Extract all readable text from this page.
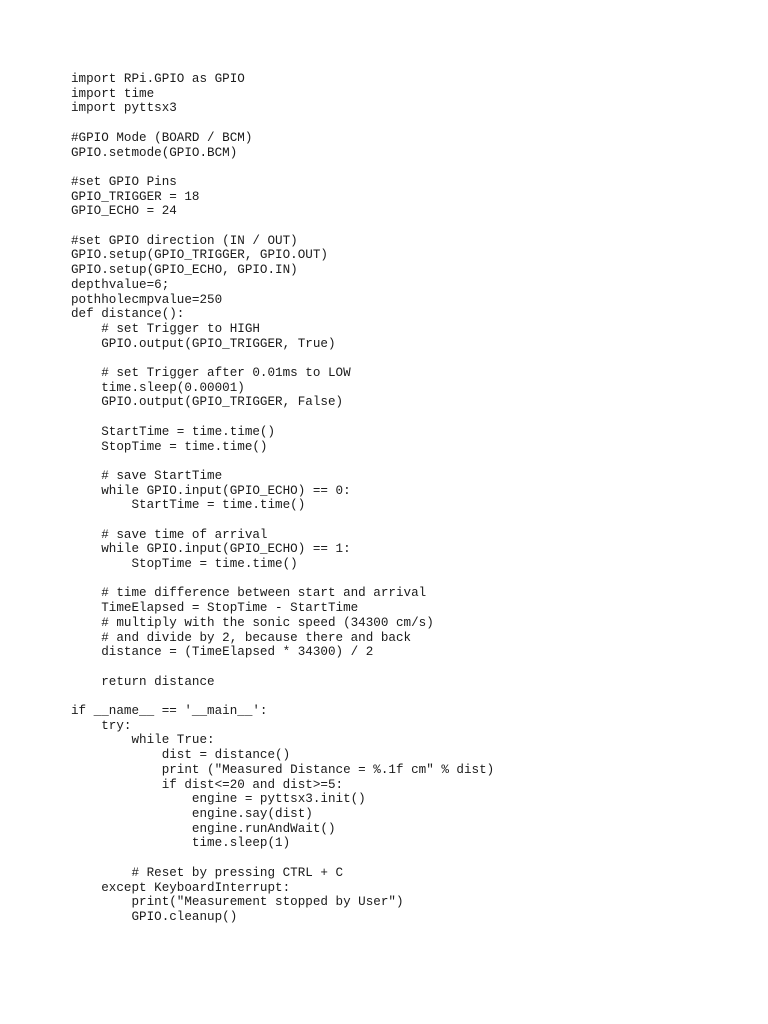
import RPi.GPIO as GPIO
import time
import pyttsx3
#GPIO Mode (BOARD / BCM)
GPIO.setmode(GPIO.BCM)
#set GPIO Pins
GPIO_TRIGGER = 18
GPIO_ECHO = 24
#set GPIO direction (IN / OUT)
GPIO.setup(GPIO_TRIGGER, GPIO.OUT)
GPIO.setup(GPIO_ECHO, GPIO.IN)
depthvalue=6;
pothholecmpvalue=250
def distance():
# set Trigger to HIGH
GPIO.output(GPIO_TRIGGER, True)
# set Trigger after 0.01ms to LOW
time.sleep(0.00001)
GPIO.output(GPIO_TRIGGER, False)
StartTime = time.time()
StopTime = time.time()
# save StartTime
while GPIO.input(GPIO_ECHO) == 0:
StartTime = time.time()
# save time of arrival
while GPIO.input(GPIO_ECHO) == 1:
StopTime = time.time()
# time difference between start and arrival
TimeElapsed = StopTime - StartTime
# multiply with the sonic speed (34300 cm/s)
# and divide by 2, because there and back
distance = (TimeElapsed * 34300) / 2
return distance
if __name__ == '__main__':
try:
while True:
dist = distance()
print ("Measured Distance = %.1f cm" % dist)
if dist<=20 and dist>=5:
engine = pyttsx3.init()
engine.say(dist)
engine.runAndWait()
time.sleep(1)
# Reset by pressing CTRL + C
except KeyboardInterrupt:
print("Measurement stopped by User")
GPIO.cleanup()
